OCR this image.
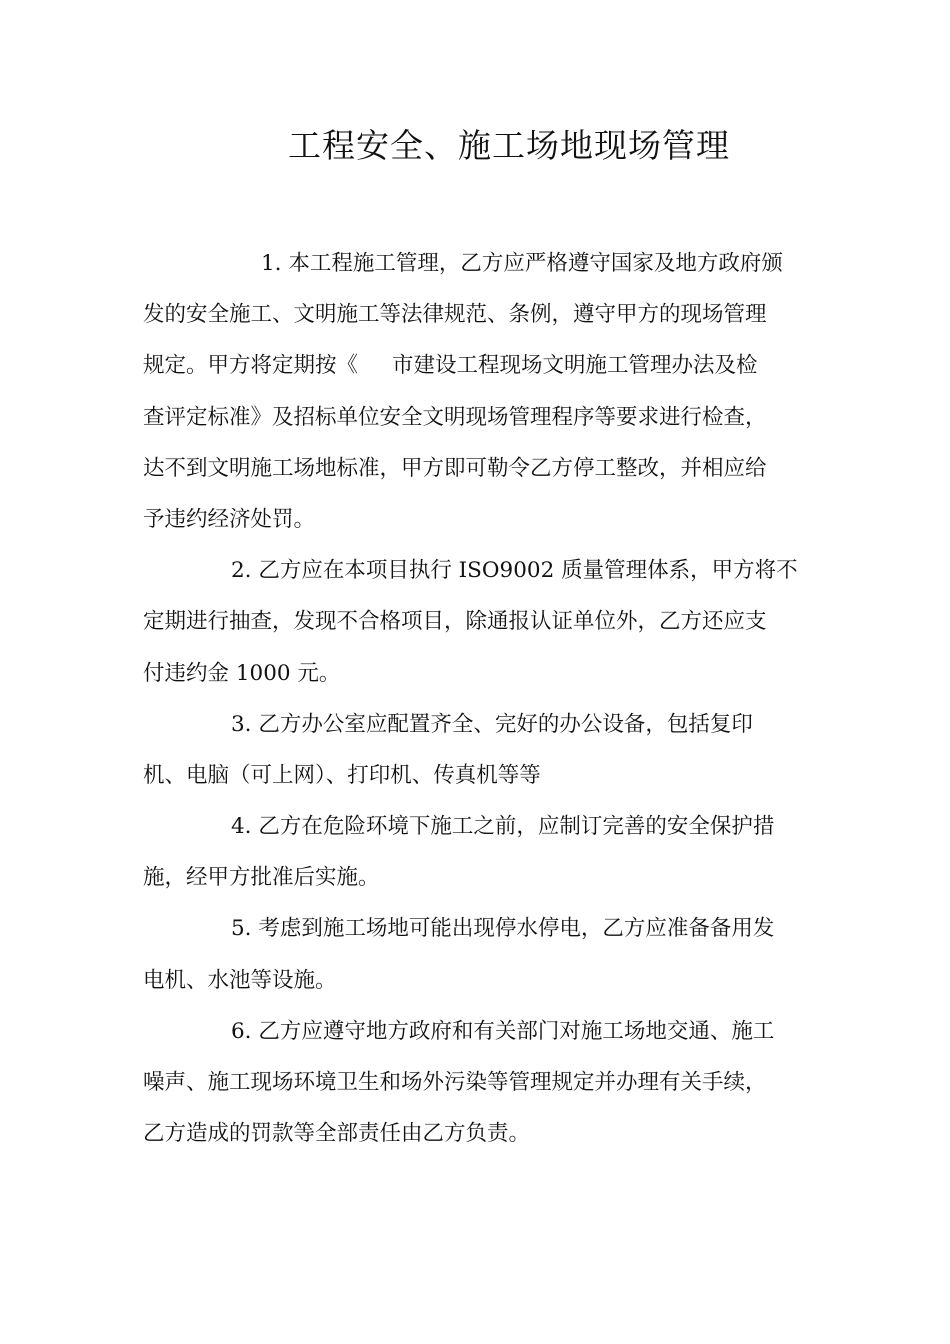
工程安全、施工场地现场管理

1. 本工程施工管理，乙方应严格遵守国家及地方政府颁
发的安全施工、文明施工等法律规范、条例，遵守甲方的现场管理
规定。甲方将定期按《 市建设工程现场文明施工管理办法及检
查评定标准》及招标单位安全文明现场管理程序等要求进行检查，
达不到文明施工场地标准，甲方即可勒令乙方停工整改，并相应给
予违约经济处罚。

2. 乙方应在本项目执行 ISO9002 质量管理体系，甲方将不
定期进行抽查，发现不合格项目，除通报认证单位外，乙方还应支
付违约金 1000 元。

3. 乙方办公室应配置齐全、完好的办公设备，包括复印
机、电脑（可上网）、打印机、传真机等等

4. 乙方在危险环境下施工之前，应制订完善的安全保护措
施，经甲方批准后实施。

5. 考虑到施工场地可能出现停水停电，乙方应准备备用发
电机、水池等设施。

6. 乙方应遵守地方政府和有关部门对施工场地交通、施工
噪声、施工现场环境卫生和场外污染等管理规定并办理有关手续，
乙方造成的罚款等全部责任由乙方负责。
